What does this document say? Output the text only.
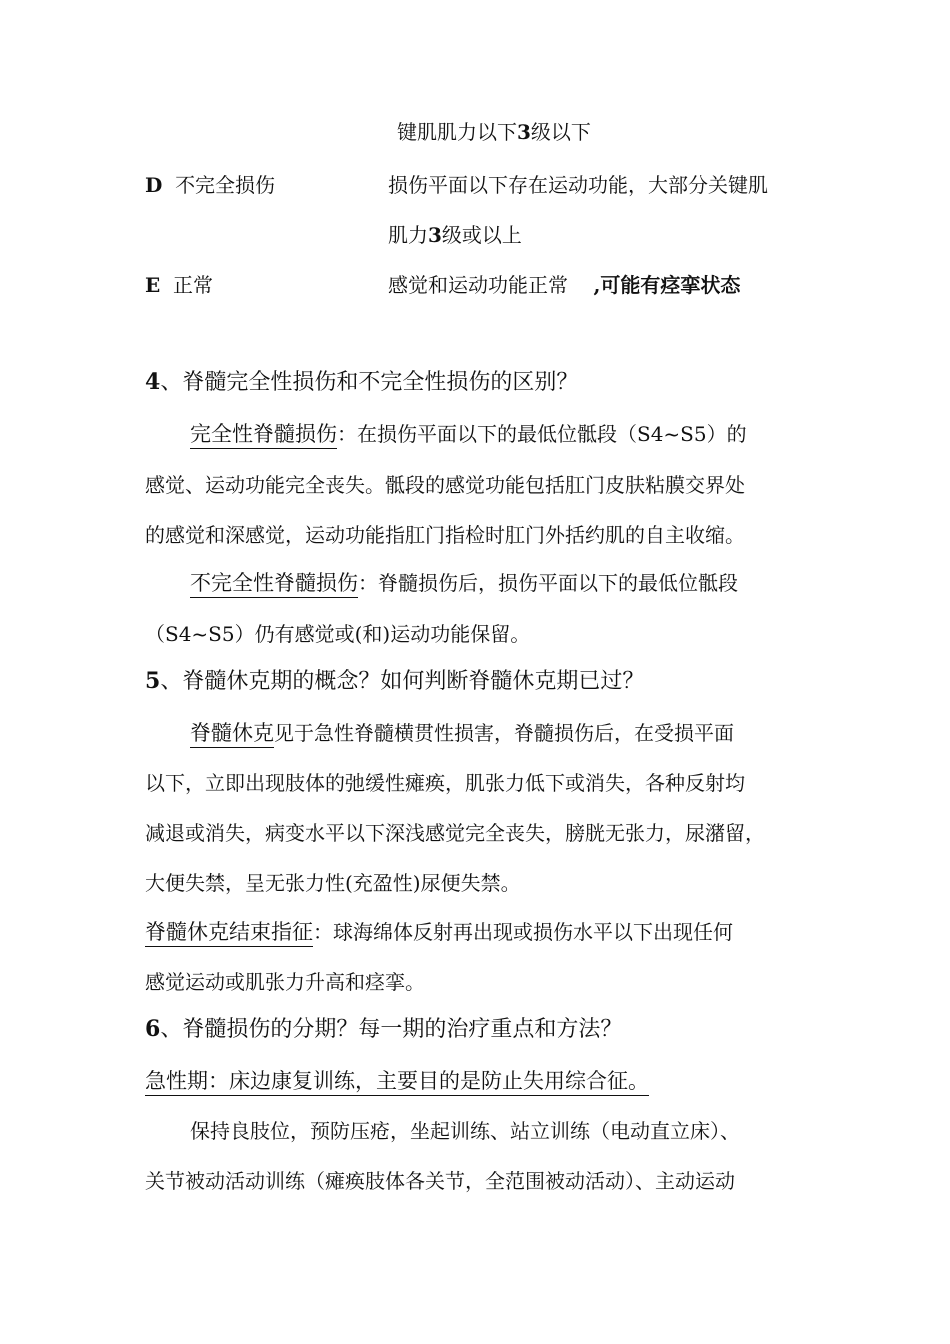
键肌肌力以下3级以下
D 不完全损伤	损伤平面以下存在运动功能，大部分关键肌
肌力3级或以上
E 正常	感觉和运动功能正常 ,可能有痉挛状态
4、脊髓完全性损伤和不完全性损伤的区别？
完全性脊髓损伤：在损伤平面以下的最低位骶段（S4~S5）的
感觉、运动功能完全丧失。骶段的感觉功能包括肛门皮肤粘膜交界处
的感觉和深感觉，运动功能指肛门指检时肛门外括约肌的自主收缩。
不完全性脊髓损伤：脊髓损伤后，损伤平面以下的最低位骶段
（S4~S5）仍有感觉或(和)运动功能保留。
5、脊髓休克期的概念？如何判断脊髓休克期已过？
脊髓休克见于急性脊髓横贯性损害，脊髓损伤后，在受损平面
以下，立即出现肢体的弛缓性瘫痪，肌张力低下或消失，各种反射均
减退或消失，病变水平以下深浅感觉完全丧失，膀胱无张力，尿潴留，
大便失禁，呈无张力性(充盈性)尿便失禁。
脊髓休克结束指征：球海绵体反射再出现或损伤水平以下出现任何
感觉运动或肌张力升高和痉挛。
6、脊髓损伤的分期？每一期的治疗重点和方法？
急性期：床边康复训练，主要目的是防止失用综合征。
保持良肢位，预防压疮，坐起训练、站立训练（电动直立床）、
关节被动活动训练（瘫痪肢体各关节，全范围被动活动）、主动运动
